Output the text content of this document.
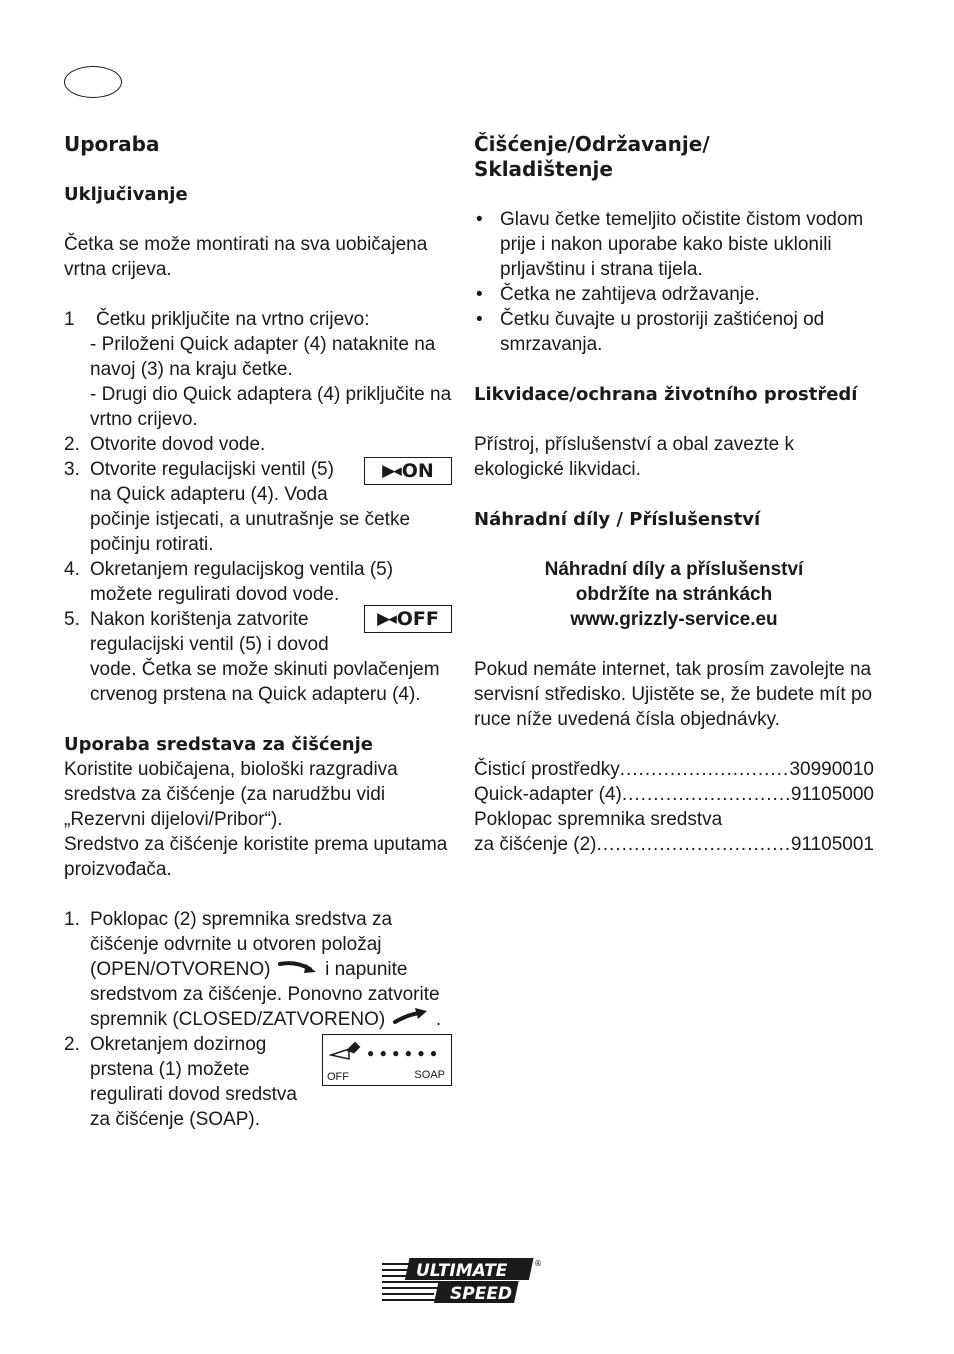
Uporaba
Uključivanje

Četka se može montirati na sva uobičajena vrtna crijeva.

1 Četku priključite na vrtno crijevo:
- Priloženi Quick adapter (4) nataknite na navoj (3) na kraju četke.
- Drugi dio Quick adaptera (4) priključite na vrtno crijevo.
2. Otvorite dovod vode.
3.	▶◂ ON
Otvorite regulacijski ventil (5) na Quick adapteru (4). Voda počinje istjecati, a unutrašnje se četke počinju rotirati.
4. Okretanjem regulacijskog ventila (5) možete regulirati dovod vode.
5.	▶◂ OFF
Nakon korištenja zatvorite regulacijski ventil (5) i dovod vode. Četka se može skinuti povlačenjem crvenog prstena na Quick adapteru (4).
Uporaba sredstava za čišćenje

Koristite uobičajena, biološki razgradiva sredstva za čišćenje (za narudžbu vidi „Rezervni dijelovi/Pribor“).

Sredstvo za čišćenje koristite prema uputama proizvođača.

1. Poklopac (2) spremnika sredstva za čišćenje odvrnite u otvoren položaj (OPEN/OTVORENO)	i napunite sredstvom za čišćenje. Ponovno zatvorite spremnik (CLOSED/ZATVORENO)	.
2.	● ● ● ● ● ●
OFF	SOAP
Okretanjem dozirnog prstena (1) možete regulirati dovod sredstva za čišćenje (SOAP).
Čišćenje/Održavanje/ Skladištenje
• Glavu četke temeljito očistite čistom vodom prije i nakon uporabe kako biste uklonili prljavštinu i strana tijela.
• Četka ne zahtijeva održavanje.
• Četku čuvajte u prostoriji zaštićenoj od smrzavanja.
Likvidace/ochrana životního prostředí

Přístroj, příslušenství a obal zavezte k ekologické likvidaci.

Náhradní díly / Příslušenství
Náhradní díly a příslušenství
obdržíte na stránkách
www.grizzly-service.eu

Pokud nemáte internet, tak prosím zavolejte na servisní středisko. Ujistěte se, že budete mít po ruce níže uvedená čísla objednávky.

Čisticí prostředky .....	30990010
Quick-adapter (4) .....	91105000
Poklopac spremnika sredstva
za čišćenje (2) .....	91105001
ULTIMATE
SPEED
®
